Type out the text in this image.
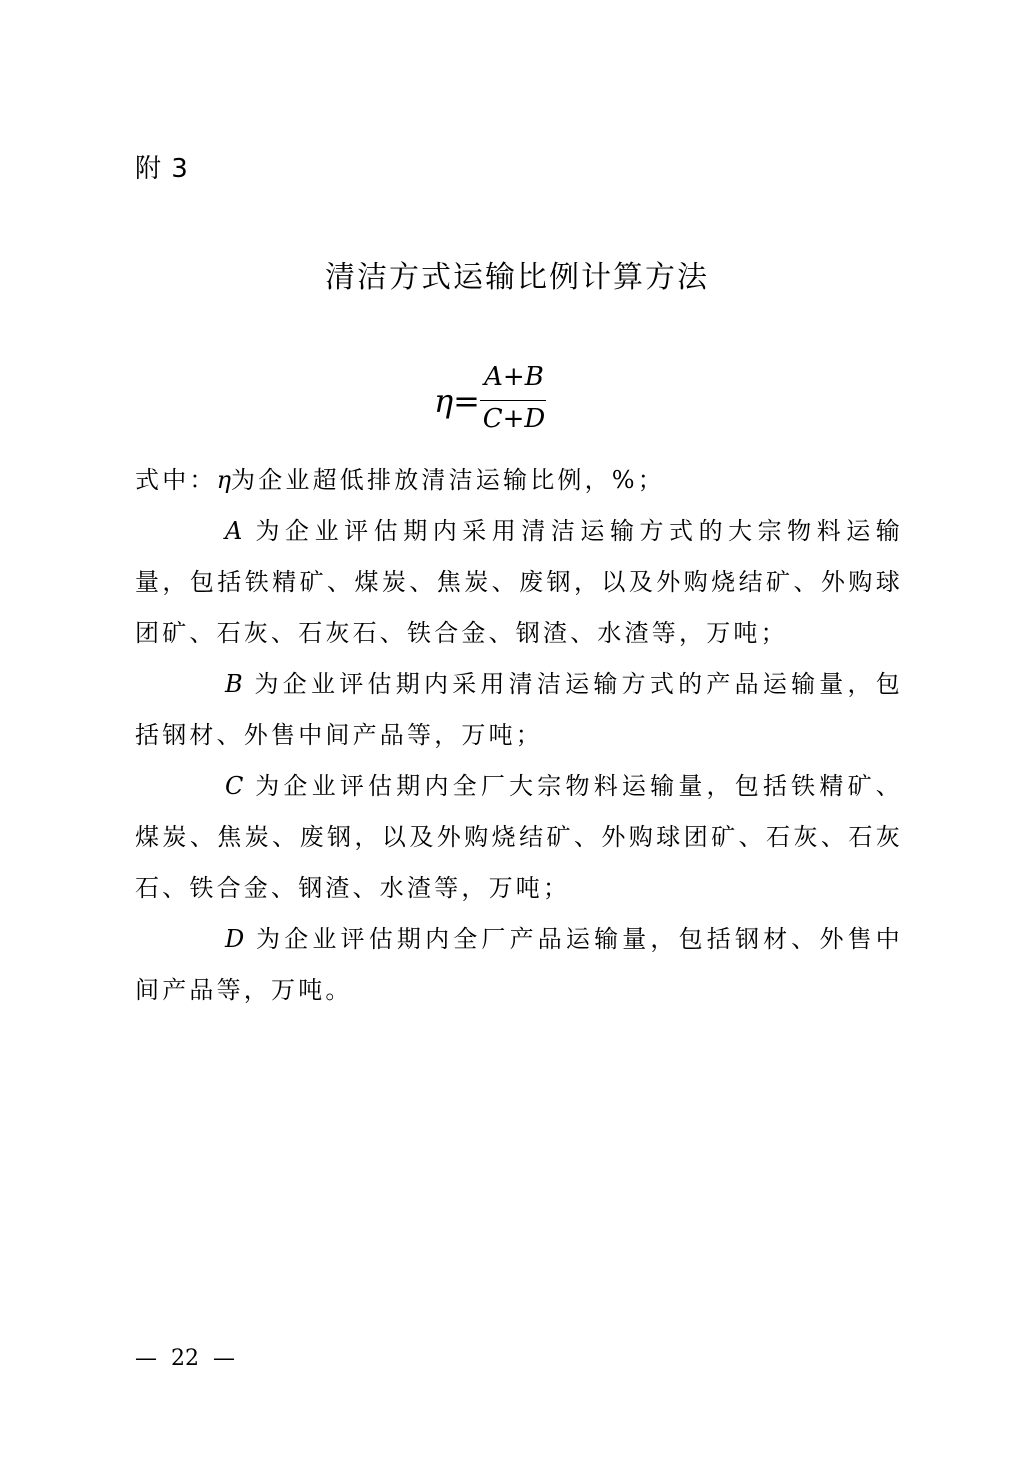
附 3
清洁方式运输比例计算方法
η=
A+B
C+D
式中：η为企业超低排放清洁运输比例，%；
A 为企业评估期内采用清洁运输方式的大宗物料运输量，包括铁精矿、煤炭、焦炭、废钢，以及外购烧结矿、外购球团矿、石灰、石灰石、铁合金、钢渣、水渣等，万吨；
B 为企业评估期内采用清洁运输方式的产品运输量，包括钢材、外售中间产品等，万吨；
C 为企业评估期内全厂大宗物料运输量，包括铁精矿、煤炭、焦炭、废钢，以及外购烧结矿、外购球团矿、石灰、石灰石、铁合金、钢渣、水渣等，万吨；
D 为企业评估期内全厂产品运输量，包括钢材、外售中间产品等，万吨。
—  22  —
